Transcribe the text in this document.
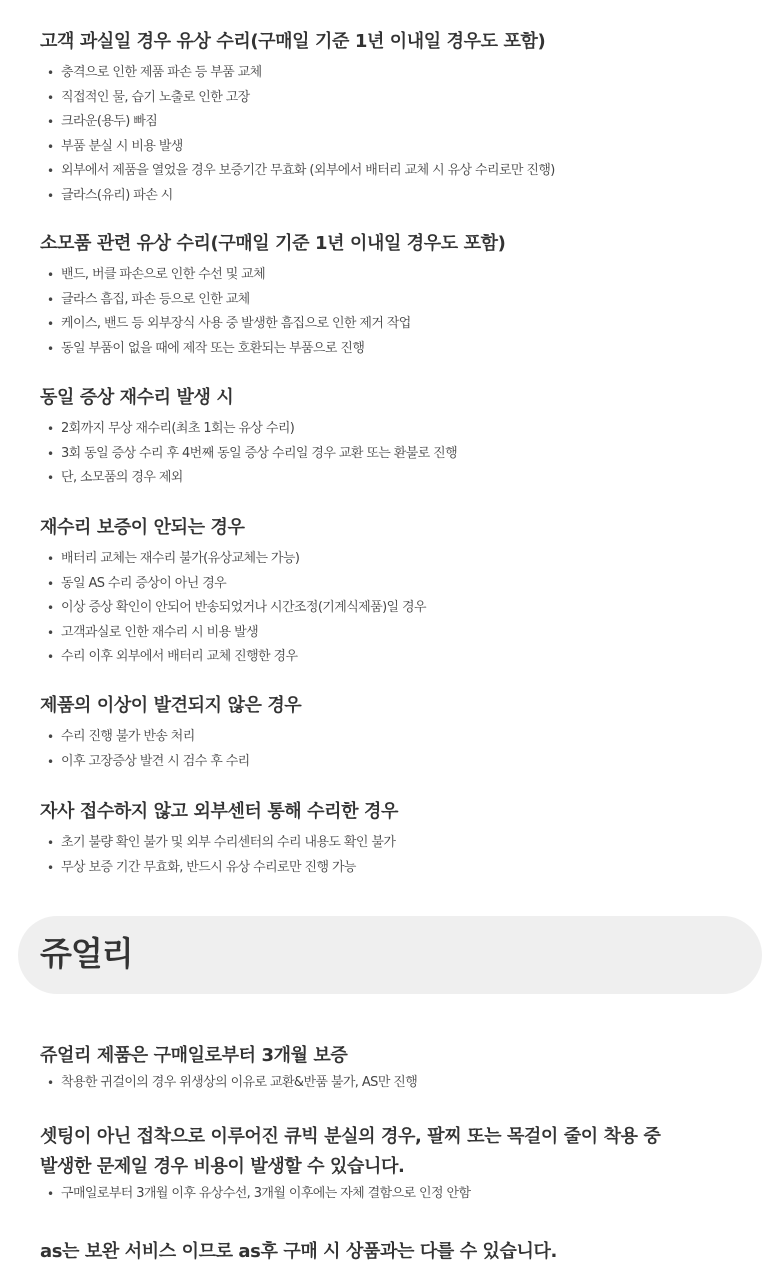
고객 과실일 경우 유상 수리(구매일 기준 1년 이내일 경우도 포함)
• 충격으로 인한 제품 파손 등 부품 교체
• 직접적인 물, 습기 노출로 인한 고장
• 크라운(용두) 빠짐
• 부품 분실 시 비용 발생
• 외부에서 제품을 열었을 경우 보증기간 무효화 (외부에서 배터리 교체 시 유상 수리로만 진행)
• 글라스(유리) 파손 시
소모품 관련 유상 수리(구매일 기준 1년 이내일 경우도 포함)
• 밴드, 버클 파손으로 인한 수선 및 교체
• 글라스 흠집, 파손 등으로 인한 교체
• 케이스, 밴드 등 외부장식 사용 중 발생한 흠집으로 인한 제거 작업
• 동일 부품이 없을 때에 제작 또는 호환되는 부품으로 진행
동일 증상 재수리 발생 시
• 2회까지 무상 재수리(최초 1회는 유상 수리)
• 3회 동일 증상 수리 후 4번째 동일 증상 수리일 경우 교환 또는 환불로 진행
• 단, 소모품의 경우 제외
재수리 보증이 안되는 경우
• 배터리 교체는 재수리 불가(유상교체는 가능)
• 동일 AS 수리 증상이 아닌 경우
• 이상 증상 확인이 안되어 반송되었거나 시간조정(기계식제품)일 경우
• 고객과실로 인한 재수리 시 비용 발생
• 수리 이후 외부에서 배터리 교체 진행한 경우
제품의 이상이 발견되지 않은 경우
• 수리 진행 불가 반송 처리
• 이후 고장증상 발견 시 검수 후 수리
자사 접수하지 않고 외부센터 통해 수리한 경우
• 초기 불량 확인 불가 및 외부 수리센터의 수리 내용도 확인 불가
• 무상 보증 기간 무효화, 반드시 유상 수리로만 진행 가능
쥬얼리
쥬얼리 제품은 구매일로부터 3개월 보증
• 착용한 귀걸이의 경우 위생상의 이유로 교환&반품 불가, AS만 진행
셋팅이 아닌 접착으로 이루어진 큐빅 분실의 경우, 팔찌 또는 목걸이 줄이 착용 중
발생한 문제일 경우 비용이 발생할 수 있습니다.
• 구매일로부터 3개월 이후 유상수선, 3개월 이후에는 자체 결함으로 인정 안함
as는 보완 서비스 이므로 as후 구매 시 상품과는 다를 수 있습니다.
